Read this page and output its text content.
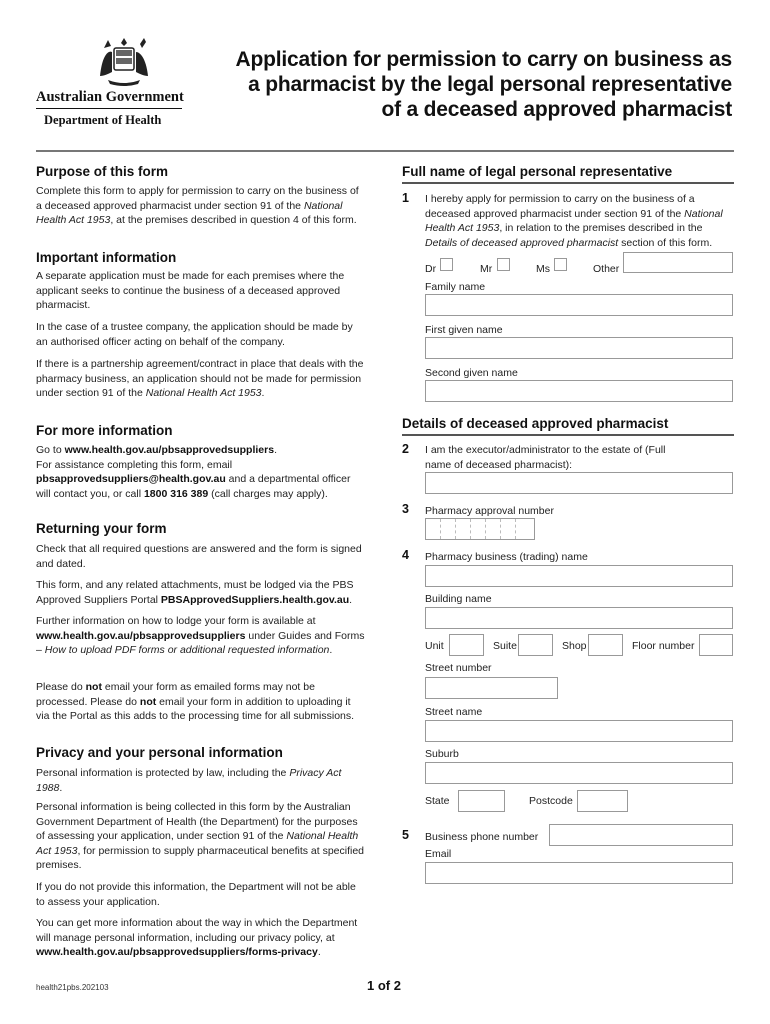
Australian Government
Department of Health
Application for permission to carry on business as
a pharmacist by the legal personal representative
of a deceased approved pharmacist
Purpose of this form
Complete this form to apply for permission to carry on the business of a deceased approved pharmacist under section 91 of the National Health Act 1953, at the premises described in question 4 of this form.
Important information
A separate application must be made for each premises where the applicant seeks to continue the business of a deceased approved pharmacist.
In the case of a trustee company, the application should be made by an authorised officer acting on behalf of the company.
If there is a partnership agreement/contract in place that deals with the pharmacy business, an application should not be made for permission under section 91 of the National Health Act 1953.
For more information
Go to www.health.gov.au/pbsapprovedsuppliers.
For assistance completing this form, email
pbsapprovedsuppliers@health.gov.au and a departmental officer will contact you, or call 1800 316 389 (call charges may apply).
Returning your form
Check that all required questions are answered and the form is signed and dated.
This form, and any related attachments, must be lodged via the PBS Approved Suppliers Portal PBSApprovedSuppliers.health.gov.au.
Further information on how to lodge your form is available at www.health.gov.au/pbsapprovedsuppliers under Guides and Forms – How to upload PDF forms or additional requested information.
Please do not email your form as emailed forms may not be processed. Please do not email your form in addition to uploading it via the Portal as this adds to the processing time for all submissions.
Privacy and your personal information
Personal information is protected by law, including the Privacy Act 1988.
Personal information is being collected in this form by the Australian Government Department of Health (the Department) for the purposes of assessing your application, under section 91 of the National Health Act 1953, for permission to supply pharmaceutical benefits at specified premises.
If you do not provide this information, the Department will not be able to assess your application.
You can get more information about the way in which the Department will manage personal information, including our privacy policy, at
www.health.gov.au/pbsapprovedsuppliers/forms-privacy.
Full name of legal personal representative
1 I hereby apply for permission to carry on the business of a deceased approved pharmacist under section 91 of the National Health Act 1953, in relation to the premises described in the Details of deceased approved pharmacist section of this form.
Dr	Mr	Ms	Other
Family name
First given name
Second given name
Details of deceased approved pharmacist
2 I am the executor/administrator to the estate of (Full name of deceased pharmacist):
3 Pharmacy approval number
4 Pharmacy business (trading) name
Building name
Unit	Suite	Shop	Floor number
Street number
Street name
Suburb
State	Postcode
5 Business phone number
Email
health21pbs.202103	1 of 2
